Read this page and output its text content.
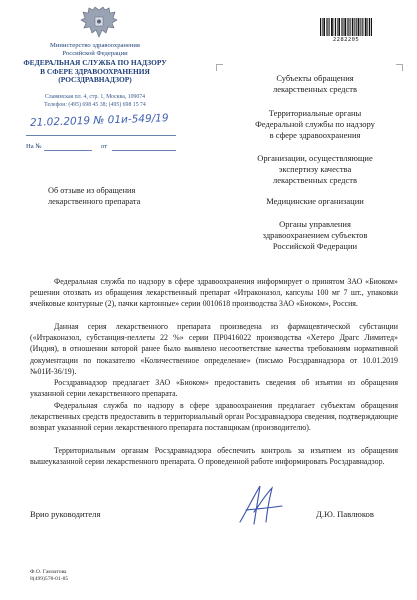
Министерство здравоохранения
Российской Федерации
ФЕДЕРАЛЬНАЯ СЛУЖБА ПО НАДЗОРУ
В СФЕРЕ ЗДРАВООХРАНЕНИЯ
(РОСЗДРАВНАДЗОР)
Славянская пл. 4, стр. 1, Москва, 109074
Телефон: (495) 698 45 38; (495) 698 15 74
21.02.2019 № 01и-549/19
На №	от
Об отзыве из обращения
лекарственного препарата
2282205
Субъекты обращения
лекарственных средств
Территориальные органы
Федеральной службы по надзору
в сфере здравоохранения
Организации, осуществляющие
экспертизу качества
лекарственных средств
Медицинские организации
Органы управления
здравоохранением субъектов
Российской Федерации

Федеральная служба по надзору в сфере здравоохранения информирует о принятом ЗАО «Биоком» решении отозвать из обращения лекарственный препарат «Итраконазол, капсулы 100 мг 7 шт., упаковки ячейковые контурные (2), пачки картонные» серии 0010618 производства ЗАО «Биоком», Россия.

Данная серия лекарственного препарата произведена из фармацевтической субстанции («Итраконазол, субстанция-пеллеты 22 %» серии ПР0416022 производства «Хетеро Драгс Лимитед» (Индия), в отношении которой ранее было выявлено несоответствие качества требованиям нормативной документации по показателю «Количественное определение» (письмо Росздравнадзора от 10.01.2019 №01И-36/19).

Росздравнадзор предлагает ЗАО «Биоком» предоставить сведения об изъятии из обращения указанной серии лекарственного препарата.

Федеральная служба по надзору в сфере здравоохранения предлагает субъектам обращения лекарственных средств предоставить в территориальный орган Росздравнадзора сведения, подтверждающие возврат указанной серии лекарственного препарата поставщикам (производителю).

Территориальным органам Росздравнадзора обеспечить контроль за изъятием из обращения вышеуказанной серии лекарственного препарата. О проведенной работе информировать Росздравнадзор.

Врио руководителя	Д.Ю. Павлюков
Ф.О. Гамзатова
8(499)578-01-85
